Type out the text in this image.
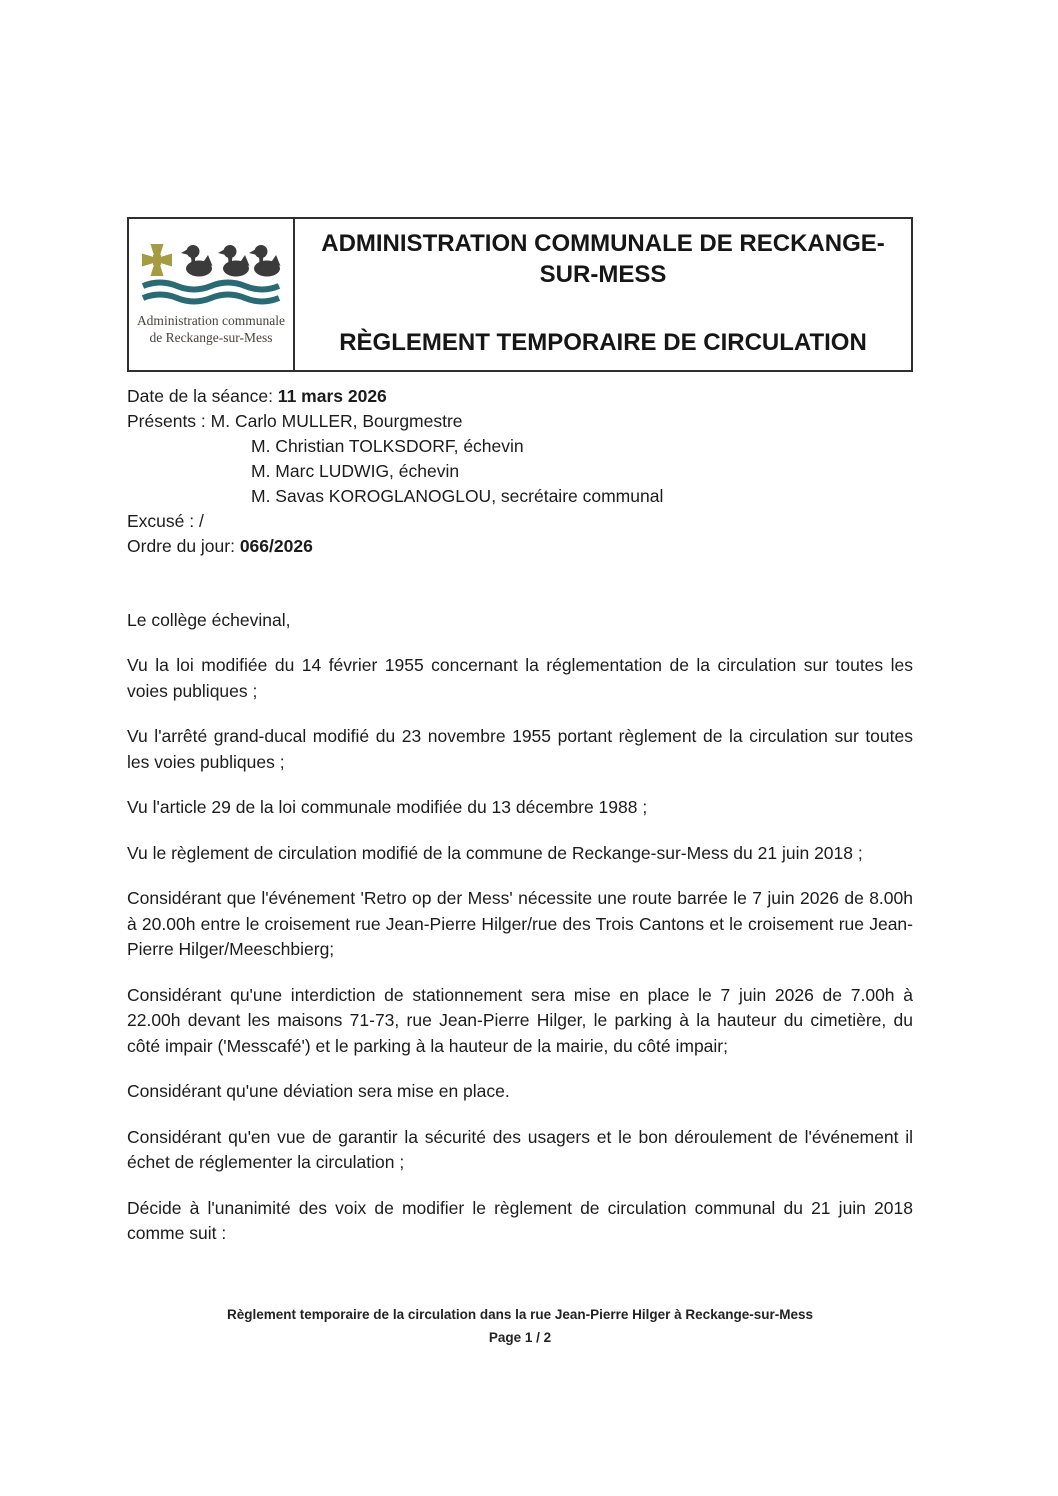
Administration communale
de Reckange-sur-Mess
ADMINISTRATION COMMUNALE DE RECKANGE-SUR-MESS
RÈGLEMENT TEMPORAIRE DE CIRCULATION
Date de la séance: 11 mars 2026
Présents : M. Carlo MULLER, Bourgmestre
M. Christian TOLKSDORF, échevin
M. Marc LUDWIG, échevin
M. Savas KOROGLANOGLOU, secrétaire communal
Excusé : /
Ordre du jour: 066/2026
Le collège échevinal,
Vu la loi modifiée du 14 février 1955 concernant la réglementation de la circulation sur toutes les voies publiques ;
Vu l'arrêté grand-ducal modifié du 23 novembre 1955 portant règlement de la circulation sur toutes les voies publiques ;
Vu l'article 29 de la loi communale modifiée du 13 décembre 1988 ;
Vu le règlement de circulation modifié de la commune de Reckange-sur-Mess du 21 juin 2018 ;
Considérant que l'événement 'Retro op der Mess' nécessite une route barrée le 7 juin 2026 de 8.00h à 20.00h entre le croisement rue Jean-Pierre Hilger/rue des Trois Cantons et le croisement rue Jean-Pierre Hilger/Meeschbierg;
Considérant qu'une interdiction de stationnement sera mise en place le 7 juin 2026 de 7.00h à 22.00h devant les maisons 71-73, rue Jean-Pierre Hilger, le parking à la hauteur du cimetière, du côté impair ('Messcafé') et le parking à la hauteur de la mairie, du côté impair;
Considérant qu'une déviation sera mise en place.
Considérant qu'en vue de garantir la sécurité des usagers et le bon déroulement de l'événement il échet de réglementer la circulation ;
Décide à l'unanimité des voix de modifier le règlement de circulation communal du 21 juin 2018 comme suit :
Règlement temporaire de la circulation dans la rue Jean-Pierre Hilger à Reckange-sur-Mess
Page 1 / 2
